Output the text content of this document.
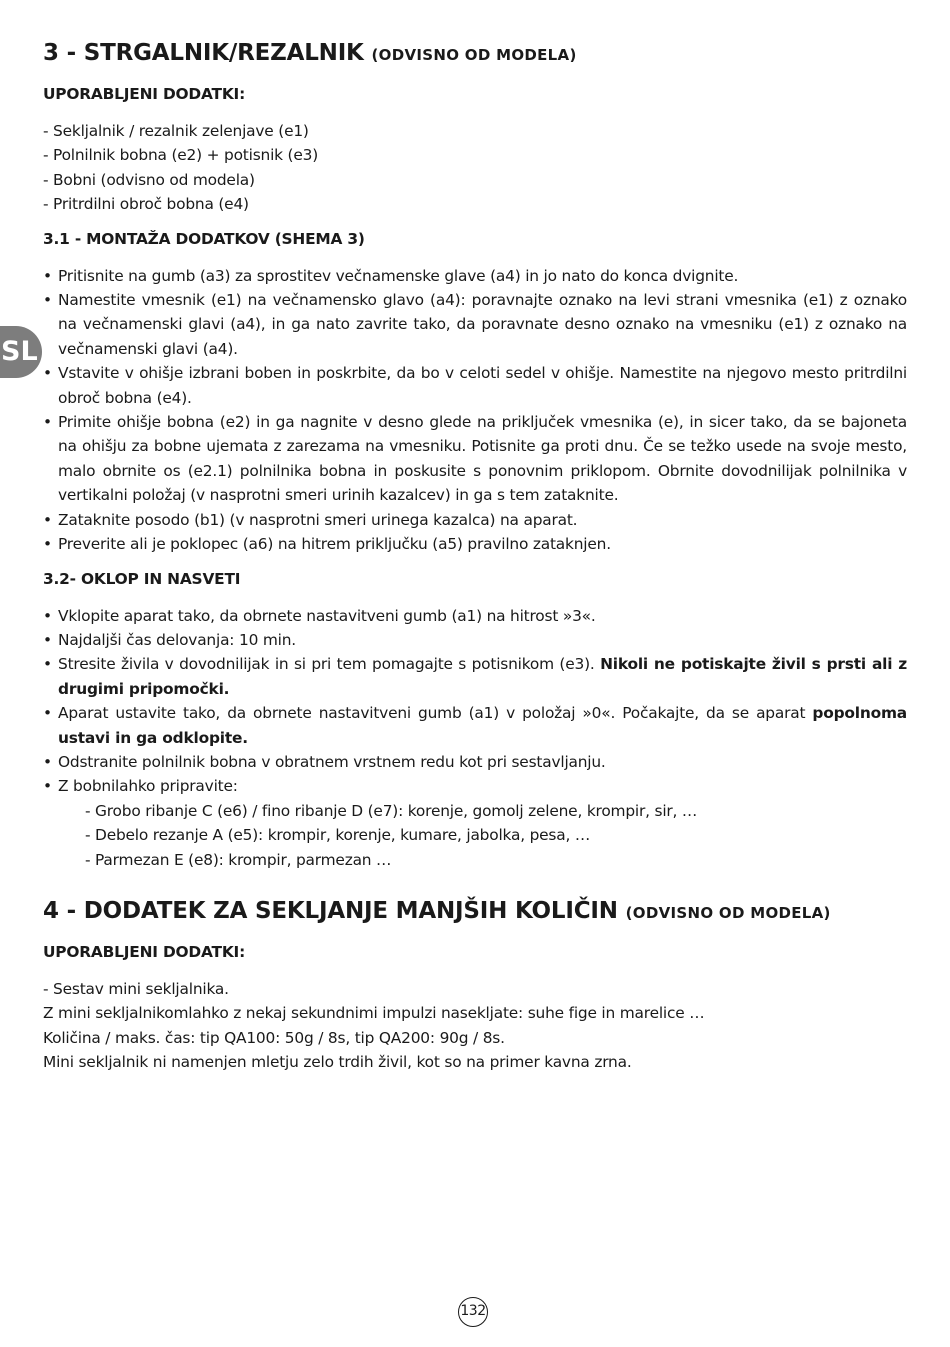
SL
3 - STRGALNIK/REZALNIK (ODVISNO OD MODELA)
UPORABLJENI DODATKI:
- Sekljalnik / rezalnik zelenjave (e1)
- Polnilnik bobna (e2) + potisnik (e3)
- Bobni (odvisno od modela)
- Pritrdilni obroč bobna (e4)
3.1 - MONTAŽA DODATKOV (SHEMA 3)
• Pritisnite na gumb (a3) za sprostitev večnamenske glave (a4) in jo nato do konca dvignite.
• Namestite vmesnik (e1) na večnamensko glavo (a4): poravnajte oznako na levi strani vmesnika (e1) z oznako na večnamenski glavi (a4), in ga nato zavrite tako, da poravnate desno oznako na vmesniku (e1) z oznako na večnamenski glavi (a4).
• Vstavite v ohišje izbrani boben in poskrbite, da bo v celoti sedel v ohišje. Namestite na njegovo mesto pritrdilni obroč bobna (e4).
• Primite ohišje bobna (e2) in ga nagnite v desno glede na priključek vmesnika (e), in sicer tako, da se bajoneta na ohišju za bobne ujemata z zarezama na vmesniku. Potisnite ga proti dnu. Če se težko usede na svoje mesto, malo obrnite os (e2.1) polnilnika bobna in poskusite s ponovnim priklopom. Obrnite dovodnilijak polnilnika v vertikalni položaj (v nasprotni smeri urinih kazalcev) in ga s tem zataknite.
• Zataknite posodo (b1) (v nasprotni smeri urinega kazalca) na aparat.
• Preverite ali je poklopec (a6) na hitrem priključku (a5) pravilno zataknjen.
3.2- OKLOP IN NASVETI
• Vklopite aparat tako, da obrnete nastavitveni gumb (a1) na hitrost »3«.
• Najdaljši čas delovanja: 10 min.
• Stresite živila v dovodnilijak in si pri tem pomagajte s potisnikom (e3). Nikoli ne potiskajte živil s prsti ali z drugimi pripomočki.
• Aparat ustavite tako, da obrnete nastavitveni gumb (a1) v položaj »0«. Počakajte, da se aparat popolnoma ustavi in ga odklopite.
• Odstranite polnilnik bobna v obratnem vrstnem redu kot pri sestavljanju.
• Z bobnilahko pripravite:
- Grobo ribanje C (e6) / fino ribanje D (e7): korenje, gomolj zelene, krompir, sir, …
- Debelo rezanje A (e5): krompir, korenje, kumare, jabolka, pesa, …
- Parmezan E (e8): krompir, parmezan …
4 - DODATEK ZA SEKLJANJE MANJŠIH KOLIČIN (ODVISNO OD MODELA)
UPORABLJENI DODATKI:

- Sestav mini sekljalnika.

Z mini sekljalnikomlahko z nekaj sekundnimi impulzi nasekljate: suhe fige in marelice …

Količina / maks. čas: tip QA100: 50g / 8s, tip QA200: 90g / 8s.

Mini sekljalnik ni namenjen mletju zelo trdih živil, kot so na primer kavna zrna.

132
